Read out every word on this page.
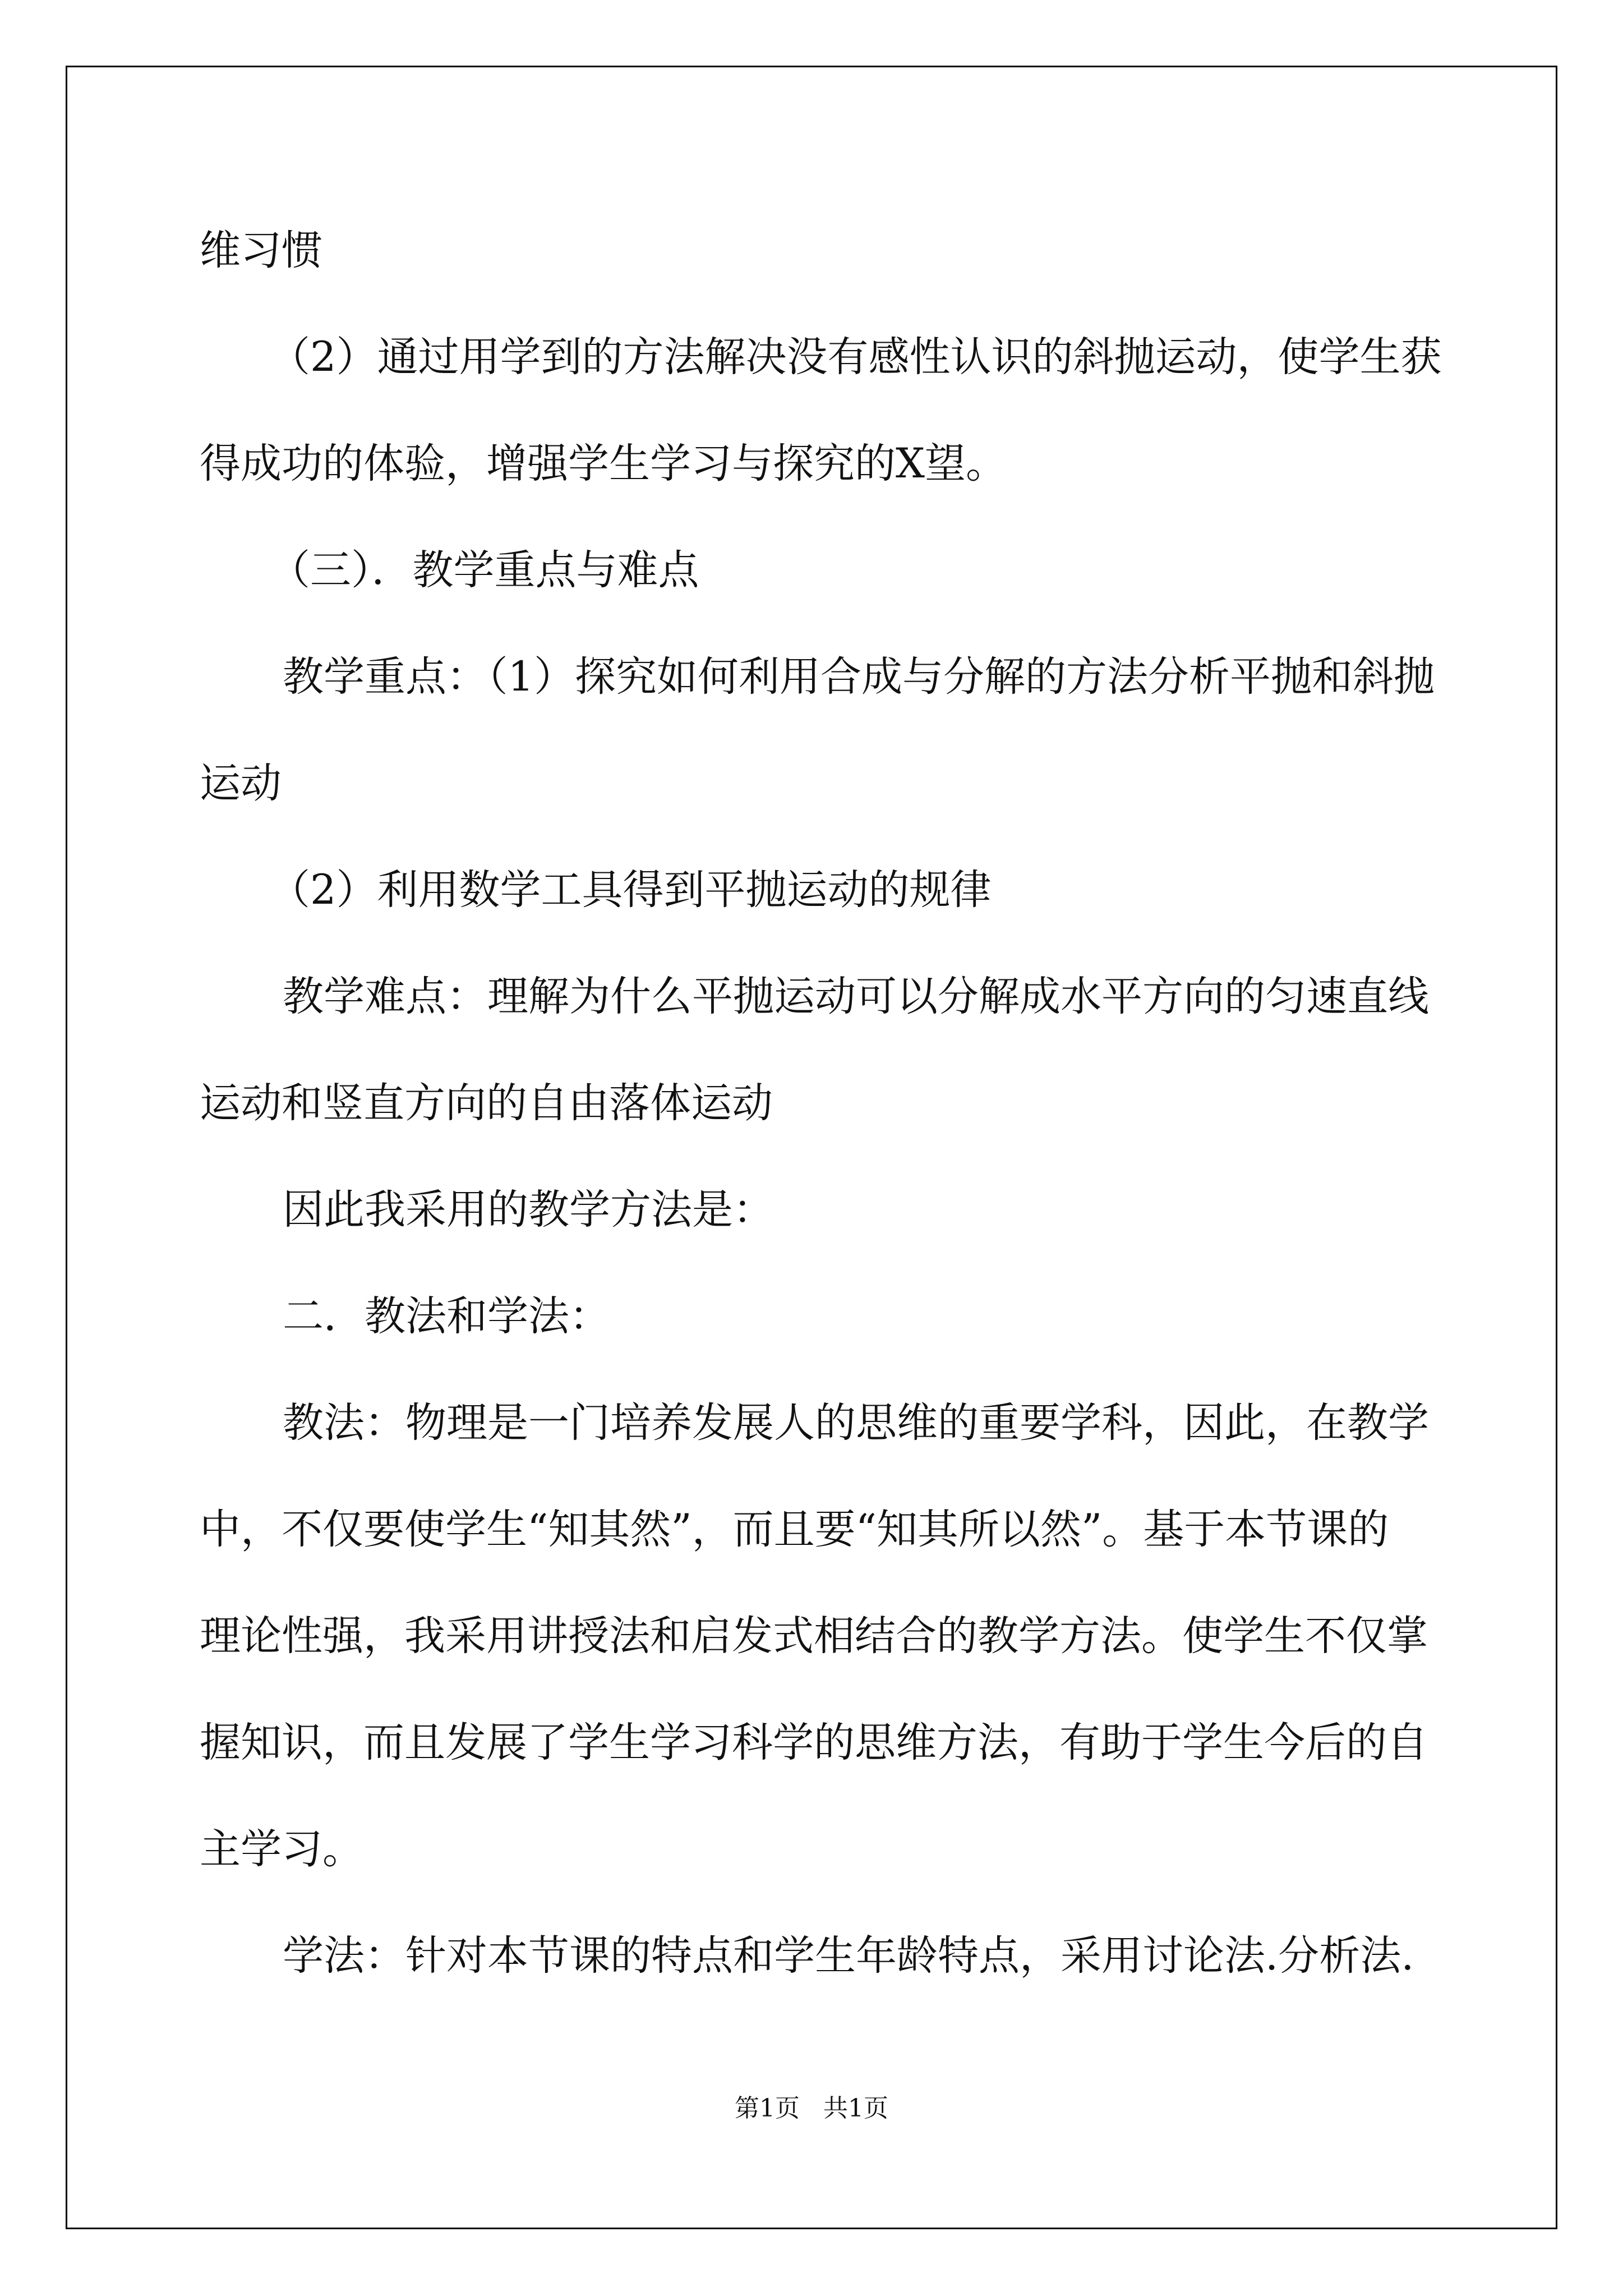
维习惯
（2）通过用学到的方法解决没有感性认识的斜抛运动，使学生获
得成功的体验，增强学生学习与探究的X望。
（三）．教学重点与难点
教学重点：（1）探究如何利用合成与分解的方法分析平抛和斜抛
运动
（2）利用数学工具得到平抛运动的规律
教学难点：理解为什么平抛运动可以分解成水平方向的匀速直线
运动和竖直方向的自由落体运动
因此我采用的教学方法是：
二．教法和学法：
教法：物理是一门培养发展人的思维的重要学科，因此，在教学
中，不仅要使学生“知其然”，而且要“知其所以然”。基于本节课的
理论性强，我采用讲授法和启发式相结合的教学方法。使学生不仅掌
握知识，而且发展了学生学习科学的思维方法，有助于学生今后的自
主学习。
学法：针对本节课的特点和学生年龄特点，采用讨论法.分析法.
第1页   共1页
